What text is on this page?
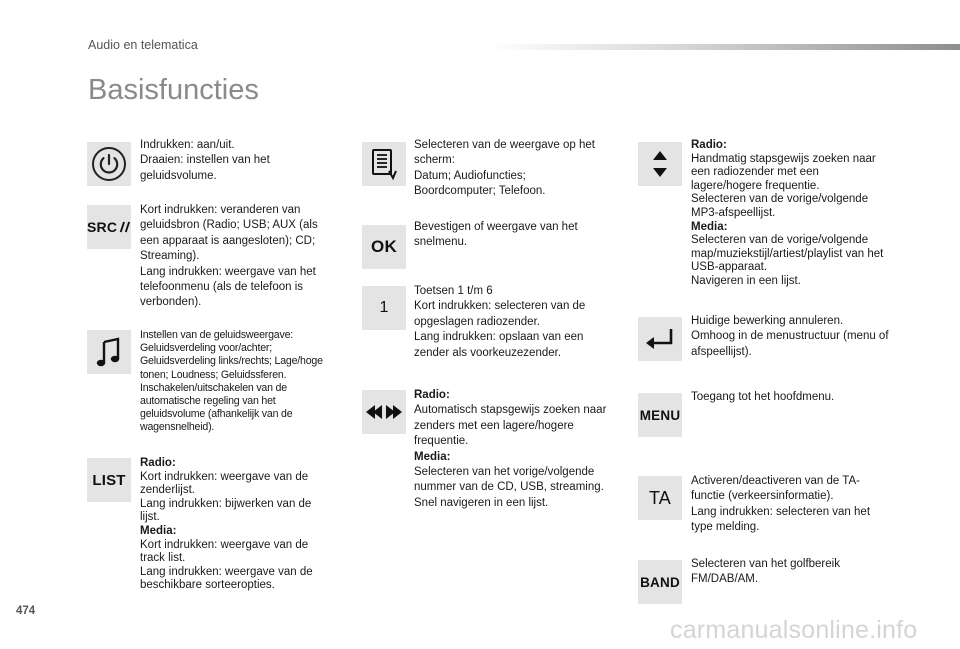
Audio en telematica
Basisfuncties

Indrukken: aan/uit.

Draaien: instellen van het geluidsvolume.

SRC

Kort indrukken: veranderen van geluidsbron (Radio; USB; AUX (als een apparaat is aangesloten); CD; Streaming).

Lang indrukken: weergave van het telefoonmenu (als de telefoon is verbonden).

Instellen van de geluidsweergave: Geluidsverdeling voor/achter; Geluidsverdeling links/rechts; Lage/hoge tonen; Loudness; Geluidssferen. Inschakelen/uitschakelen van de automatische regeling van het geluidsvolume (afhankelijk van de wagensnelheid).

LIST

Radio:

Kort indrukken: weergave van de zenderlijst.
Lang indrukken: bijwerken van de lijst.

Media:

Kort indrukken: weergave van de track list.
Lang indrukken: weergave van de beschikbare sorteeropties.

Selecteren van de weergave op het scherm:

Datum; Audiofuncties; Boordcomputer; Telefoon.

OK

Bevestigen of weergave van het snelmenu.

1

Toetsen 1 t/m 6

Kort indrukken: selecteren van de opgeslagen radiozender.

Lang indrukken: opslaan van een zender als voorkeuzezender.

Radio:

Automatisch stapsgewijs zoeken naar zenders met een lagere/hogere frequentie.

Media:

Selecteren van het vorige/volgende nummer van de CD, USB, streaming.
Snel navigeren in een lijst.

Radio:

Handmatig stapsgewijs zoeken naar een radiozender met een lagere/hogere frequentie.
Selecteren van de vorige/volgende MP3-afspeellijst.

Media:

Selecteren van de vorige/volgende map/muziekstijl/artiest/playlist van het USB-apparaat.
Navigeren in een lijst.

Huidige bewerking annuleren.

Omhoog in de menustructuur (menu of afspeellijst).

MENU

Toegang tot het hoofdmenu.

TA

Activeren/deactiveren van de TA-functie (verkeersinformatie).

Lang indrukken: selecteren van het type melding.

BAND

Selecteren van het golfbereik FM/DAB/AM.

474
carmanualsonline.info
